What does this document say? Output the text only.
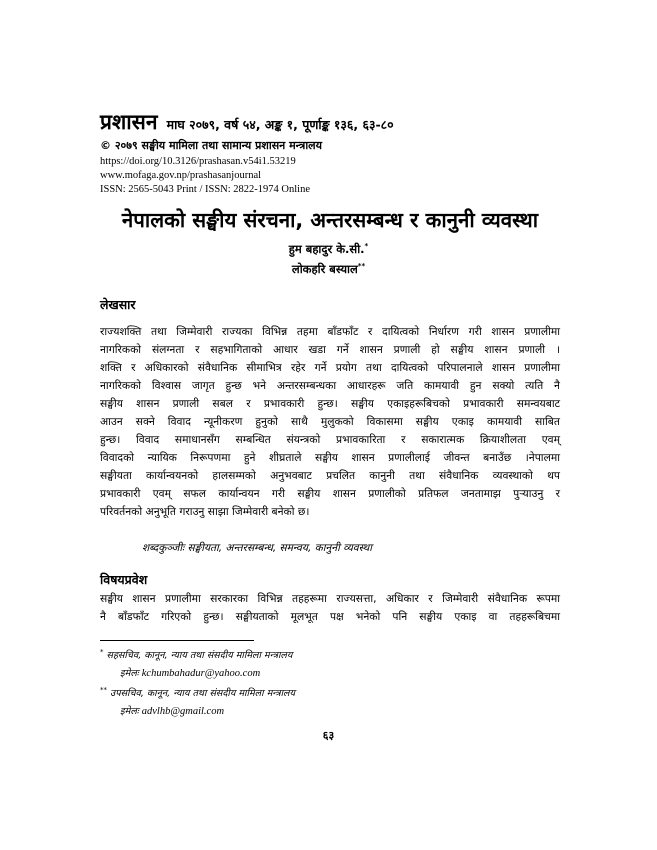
प्रशासन माघ २०७९, वर्ष ५४, अङ्क १, पूर्णाङ्क १३६, ६३-८०
© २०७९ सङ्घीय मामिला तथा सामान्य प्रशासन मन्त्रालय
https://doi.org/10.3126/prashasan.v54i1.53219
www.mofaga.gov.np/prashasanjournal
ISSN: 2565-5043 Print / ISSN: 2822-1974 Online
नेपालको सङ्घीय संरचना, अन्तरसम्बन्ध र कानुनी व्यवस्था
हुम बहादुर के.सी.*
लोकहरि बस्याल**
लेखसार
राज्यशक्ति तथा जिम्मेवारी राज्यका विभिन्न तहमा बाँडफाँट र दायित्वको निर्धारण गरी शासन प्रणालीमा
नागरिकको संलग्नता र सहभागिताको आधार खडा गर्ने शासन प्रणाली हो सङ्घीय शासन प्रणाली ।
शक्ति र अधिकारको संवैधानिक सीमाभित्र रहेर गर्ने प्रयोग तथा दायित्वको परिपालनाले शासन प्रणालीमा
नागरिकको विश्वास जागृत हुन्छ भने अन्तरसम्बन्धका आधारहरू जति कामयावी हुन सक्यो त्यति नै
सङ्घीय शासन प्रणाली सबल र प्रभावकारी हुन्छ। सङ्घीय एकाइहरूबिचको प्रभावकारी समन्वयबाट
आउन सक्ने विवाद न्यूनीकरण हुनुको साथै मुलुकको विकासमा सङ्घीय एकाइ कामयावी साबित
हुन्छ। विवाद समाधानसँग सम्बन्धित संयन्त्रको प्रभावकारिता र सकारात्मक क्रियाशीलता एवम्
विवादको न्यायिक निरूपणमा हुने शीघ्रताले सङ्घीय शासन प्रणालीलाई जीवन्त बनाउँछ ।नेपालमा
सङ्घीयता कार्यान्वयनको हालसम्मको अनुभवबाट प्रचलित कानुनी तथा संवैधानिक व्यवस्थाको थप
प्रभावकारी एवम् सफल कार्यान्वयन गरी सङ्घीय शासन प्रणालीको प्रतिफल जनतामाझ पुऱ्याउनु र
परिवर्तनको अनुभूति गराउनु साझा जिम्मेवारी बनेको छ।
शब्दकुञ्जीः सङ्घीयता, अन्तरसम्बन्ध, समन्वय, कानुनी व्यवस्था
विषयप्रवेश
सङ्घीय शासन प्रणालीमा सरकारका विभिन्न तहहरूमा राज्यसत्ता, अधिकार र जिम्मेवारी संवैधानिक रूपमा
नै बाँडफाँट गरिएको हुन्छ। सङ्घीयताको मूलभूत पक्ष भनेको पनि सङ्घीय एकाइ वा तहहरूबिचमा
* सहसचिव, कानून, न्याय तथा संसदीय मामिला मन्त्रालय
इमेलः kchumbahadur@yahoo.com
** उपसचिव, कानून, न्याय तथा संसदीय मामिला मन्त्रालय
इमेलः advlhb@gmail.com
६३
